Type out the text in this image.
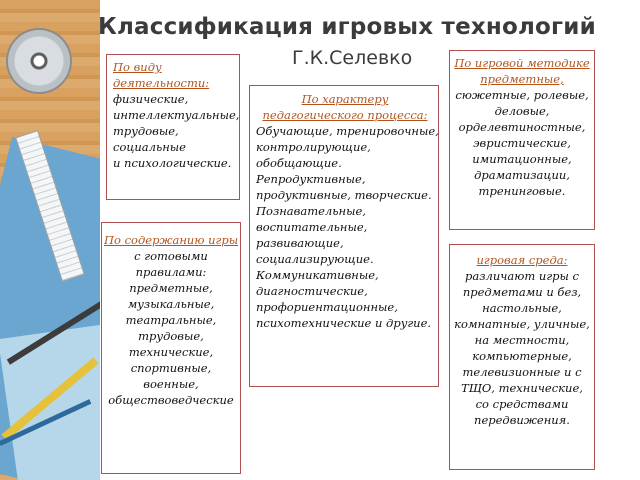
Классификация игровых технологий
Г.К.Селевко
По виду
деятельности:
физические,
интеллектуальные,
трудовые,
социальные
и психологические.
По содержанию игры
с готовыми
правилами:
предметные,
музыкальные,
театральные,
трудовые,
технические,
спортивные,
военные,
обществоведческие
По характеру
педагогического процесса:
Обучающие, тренировочные,
контролирующие,
обобщающие.
Репродуктивные,
продуктивные, творческие.
Познавательные,
воспитательные,
развивающие,
социализирующие.
Коммуникативные,
диагностические,
профориентационные,
психотехнические и другие.
По игровой методике
предметные,
сюжетные, ролевые,
деловые,
орделевтиностные,
эвристические,
имитационные,
драматизации,
тренинговые.
игровая среда:
различают игры с
предметами и без,
настольные,
комнатные, уличные,
на местности,
компьютерные,
телевизионные и с
ТЩО, технические,
со средствами
передвижения.
